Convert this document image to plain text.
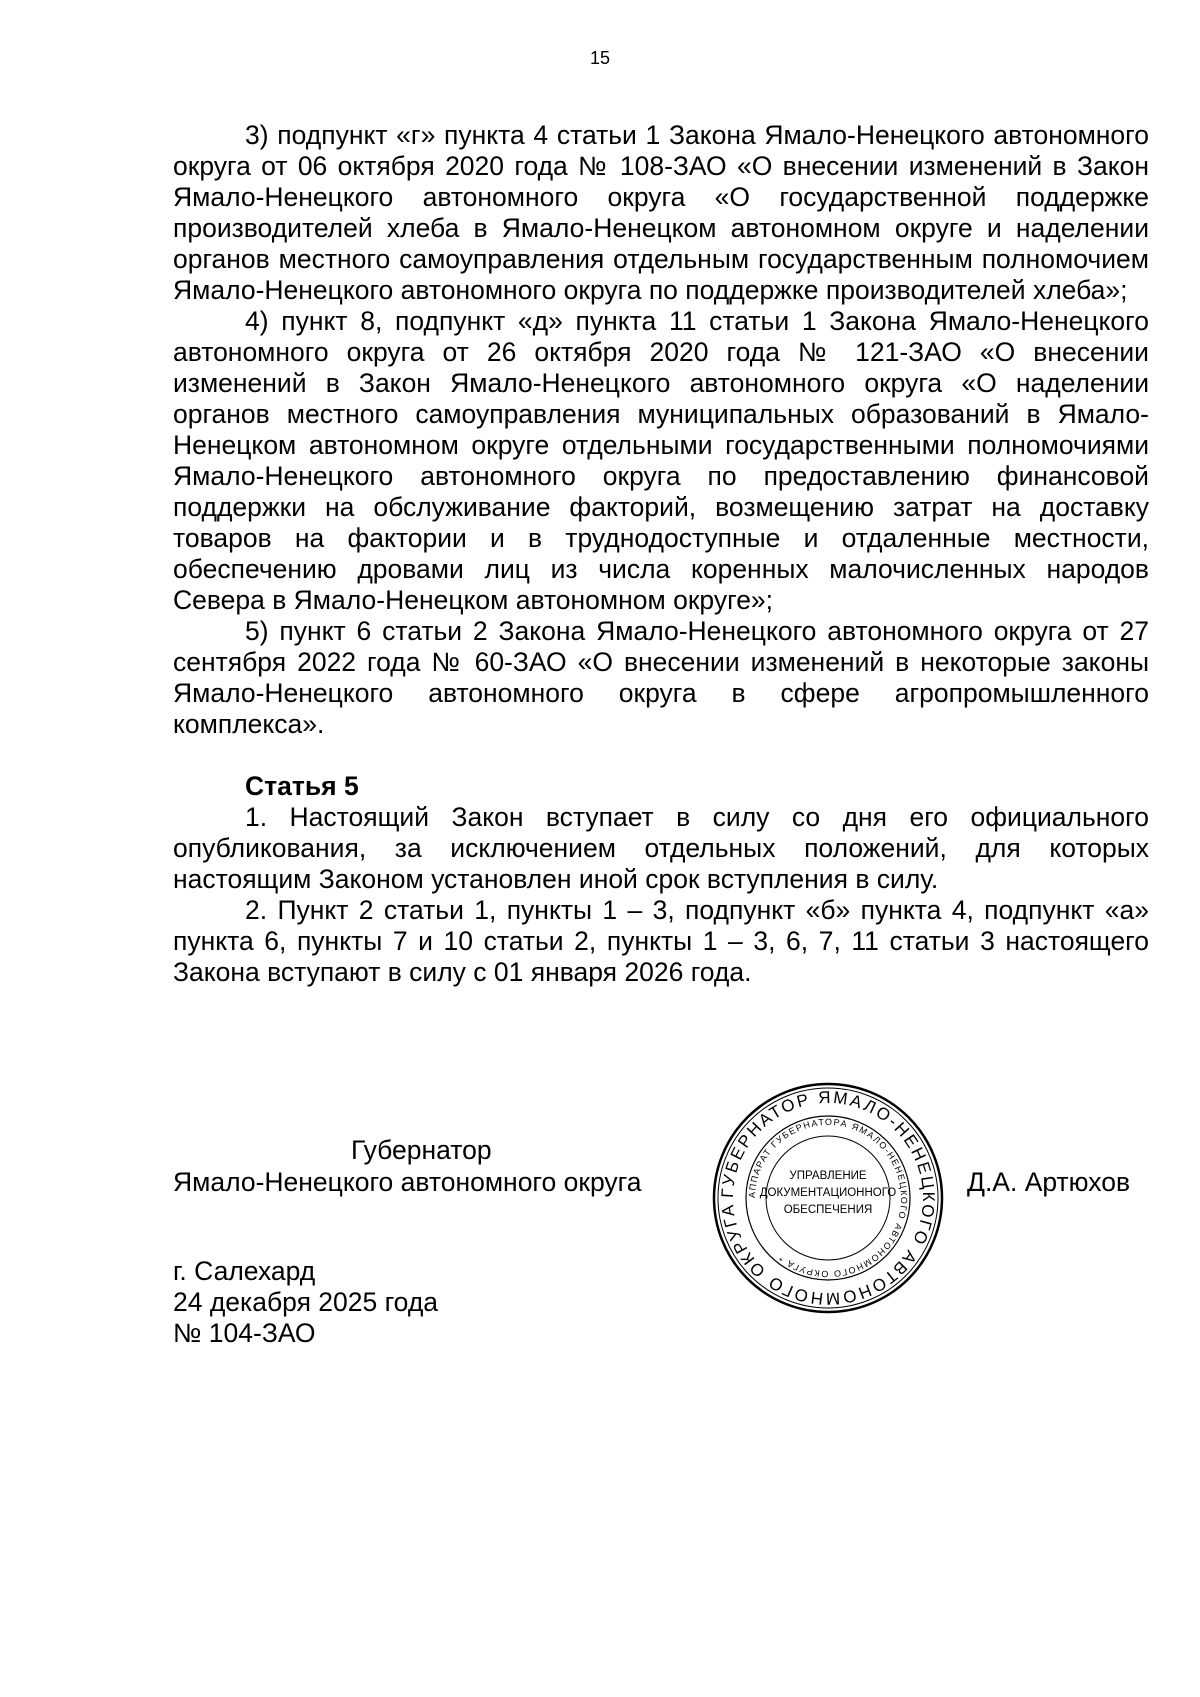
15

3) подпункт «г» пункта 4 статьи 1 Закона Ямало-Ненецкого автономного округа от 06 октября 2020 года № 108-ЗАО «О внесении изменений в Закон Ямало-Ненецкого автономного округа «О государственной поддержке производителей хлеба в Ямало-Ненецком автономном округе и наделении органов местного самоуправления отдельным государственным полномочием Ямало-Ненецкого автономного округа по поддержке производителей хлеба»;

4) пункт 8, подпункт «д» пункта 11 статьи 1 Закона Ямало-Ненецкого автономного округа от 26 октября 2020 года № 121-ЗАО «О внесении изменений в Закон Ямало-Ненецкого автономного округа «О наделении органов местного самоуправления муниципальных образований в Ямало-Ненецком автономном округе отдельными государственными полномочиями Ямало-Ненецкого автономного округа по предоставлению финансовой поддержки на обслуживание факторий, возмещению затрат на доставку товаров на фактории и в труднодоступные и отдаленные местности, обеспечению дровами лиц из числа коренных малочисленных народов Севера в Ямало-Ненецком автономном округе»;

5) пункт 6 статьи 2 Закона Ямало-Ненецкого автономного округа от 27 сентября 2022 года № 60-ЗАО «О внесении изменений в некоторые законы Ямало-Ненецкого автономного округа в сфере агропромышленного комплекса».

Статья 5

1. Настоящий Закон вступает в силу со дня его официального опубликования, за исключением отдельных положений, для которых настоящим Законом установлен иной срок вступления в силу.

2. Пункт 2 статьи 1, пункты 1 – 3, подпункт «б» пункта 4, подпункт «а» пункта 6, пункты 7 и 10 статьи 2, пункты 1 – 3, 6, 7, 11 статьи 3 настоящего Закона вступают в силу с 01 января 2026 года.

Губернатор
Ямало-Ненецкого автономного округа	Д.А. Артюхов
г. Салехард
24 декабря 2025 года
№ 104-ЗАО
ГУБЕРНАТОР ЯМАЛО-НЕНЕЦКОГО АВТОНОМНОГО ОКРУГА
АППАРАТ ГУБЕРНАТОРА ЯМАЛО-НЕНЕЦКОГО АВТОНОМНОГО ОКРУГА *
УПРАВЛЕНИЕ
ДОКУМЕНТАЦИОННОГО
ОБЕСПЕЧЕНИЯ
